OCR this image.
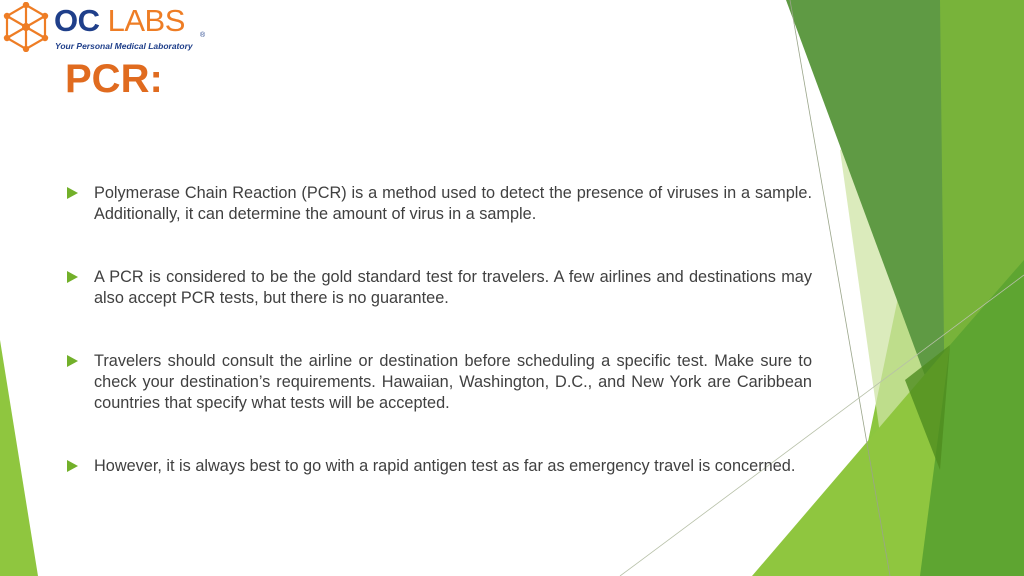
OC LABS ®
Your Personal Medical Laboratory
PCR:
Polymerase Chain Reaction (PCR) is a method used to detect the presence of viruses in a sample. Additionally, it can determine the amount of virus in a sample.
A PCR is considered to be the gold standard test for travelers. A few airlines and destinations may also accept PCR tests, but there is no guarantee.
Travelers should consult the airline or destination before scheduling a specific test. Make sure to check your destination’s requirements. Hawaiian, Washington, D.C., and New York are Caribbean countries that specify what tests will be accepted.
However, it is always best to go with a rapid antigen test as far as emergency travel is concerned.
